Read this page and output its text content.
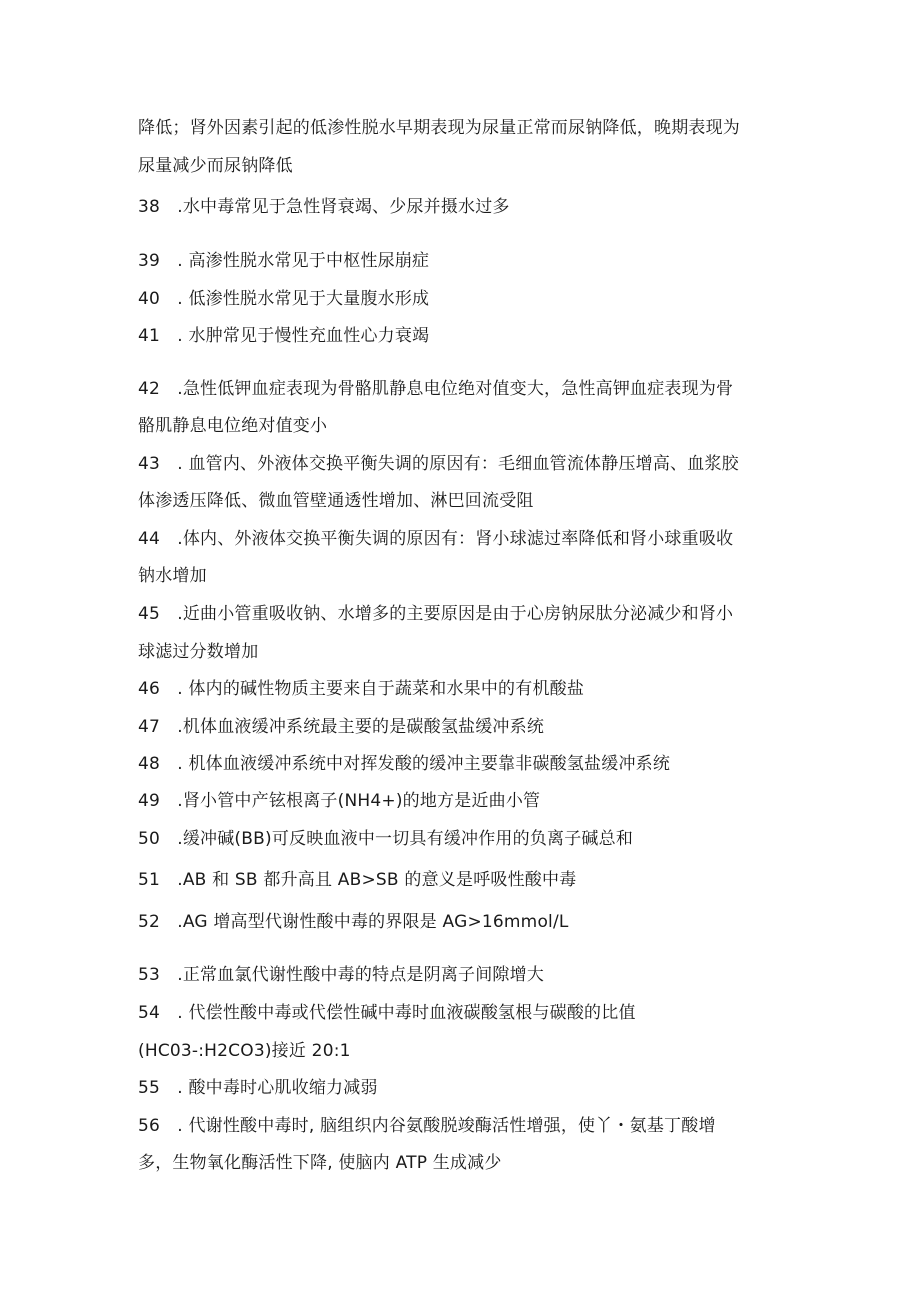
降低；肾外因素引起的低渗性脱水早期表现为尿量正常而尿钠降低，晚期表现为
尿量减少而尿钠降低
38　.水中毒常见于急性肾衰竭、少尿并摄水过多
39　. 高渗性脱水常见于中枢性尿崩症
40　. 低渗性脱水常见于大量腹水形成
41　. 水肿常见于慢性充血性心力衰竭
42　.急性低钾血症表现为骨骼肌静息电位绝对值变大，急性高钾血症表现为骨
骼肌静息电位绝对值变小
43　. 血管内、外液体交换平衡失调的原因有：毛细血管流体静压增高、血浆胶
体渗透压降低、微血管壁通透性增加、淋巴回流受阻
44　.体内、外液体交换平衡失调的原因有：肾小球滤过率降低和肾小球重吸收
钠水增加
45　.近曲小管重吸收钠、水增多的主要原因是由于心房钠尿肽分泌减少和肾小
球滤过分数增加
46　. 体内的碱性物质主要来自于蔬菜和水果中的有机酸盐
47　.机体血液缓冲系统最主要的是碳酸氢盐缓冲系统
48　. 机体血液缓冲系统中对挥发酸的缓冲主要靠非碳酸氢盐缓冲系统
49　.肾小管中产铉根离子(NH4+)的地方是近曲小管
50　.缓冲碱(BB)可反映血液中一切具有缓冲作用的负离子碱总和
51　.AB 和 SB 都升高且 AB>SB 的意义是呼吸性酸中毒
52　.AG 增高型代谢性酸中毒的界限是 AG>16mmol/L
53　.正常血氯代谢性酸中毒的特点是阴离子间隙增大
54　. 代偿性酸中毒或代偿性碱中毒时血液碳酸氢根与碳酸的比值
(HC03-:H2CO3)接近 20:1
55　. 酸中毒时心肌收缩力减弱
56　. 代谢性酸中毒时, 脑组织内谷氨酸脱竣酶活性增强，使丫・氨基丁酸增
多，生物氧化酶活性下降, 使脑内 ATP 生成减少
